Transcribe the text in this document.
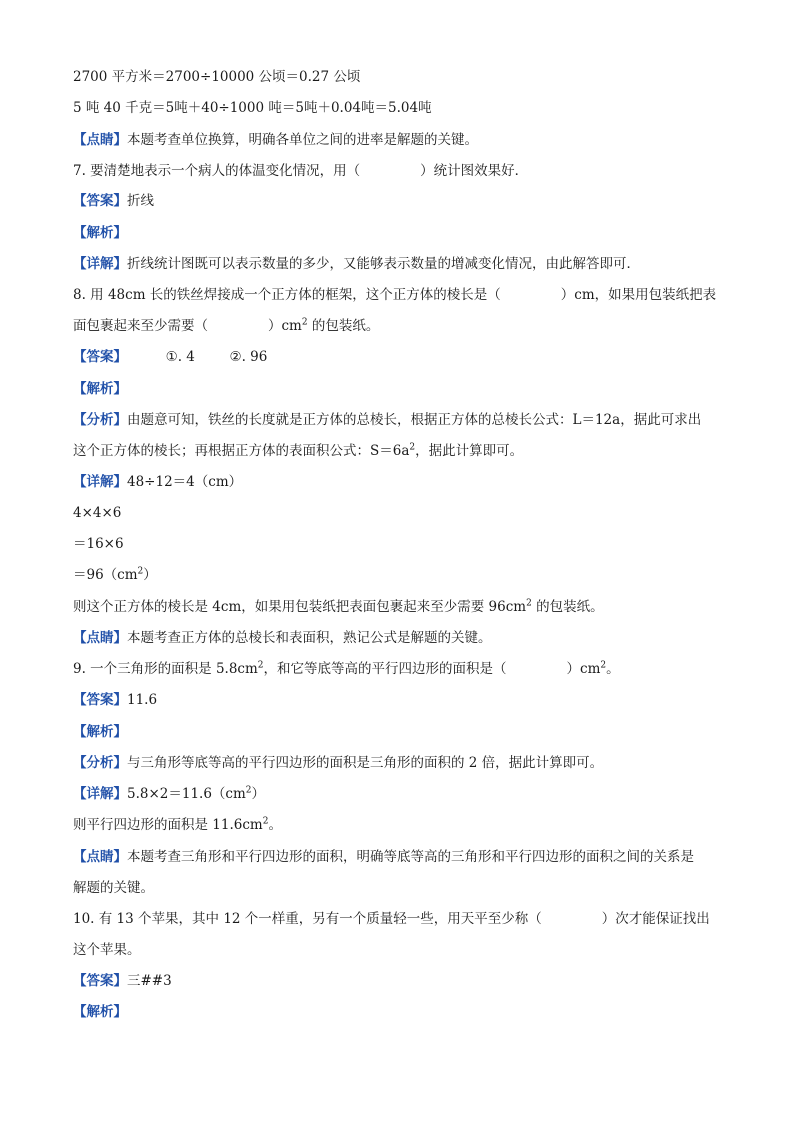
2700 平方米＝2700÷10000 公顷＝0.27 公顷
5 吨 40 千克＝5吨＋40÷1000 吨＝5吨＋0.04吨＝5.04吨
【点睛】本题考查单位换算，明确各单位之间的进率是解题的关键。
7. 要清楚地表示一个病人的体温变化情况，用（	）统计图效果好．
【答案】折线
【解析】
【详解】折线统计图既可以表示数量的多少，又能够表示数量的增减变化情况，由此解答即可．
8. 用 48cm 长的铁丝焊接成一个正方体的框架，这个正方体的棱长是（	）cm，如果用包装纸把表
面包裹起来至少需要（	）$cm^2$ 的包装纸。
【答案】	①. 4	②. 96
【解析】
【分析】由题意可知，铁丝的长度就是正方体的总棱长，根据正方体的总棱长公式：L＝12a，据此可求出
这个正方体的棱长；再根据正方体的表面积公式：$S=6a^2$，据此计算即可。
【详解】48÷12＝4（cm）
4×4×6
＝16×6
$=96(cm^2)$
则这个正方体的棱长是 4cm，如果用包装纸把表面包裹起来至少需要 $96cm^2$ 的包装纸。
【点睛】本题考查正方体的总棱长和表面积，熟记公式是解题的关键。
9. 一个三角形的面积是 $5.8cm^2$，和它等底等高的平行四边形的面积是（	）$cm^2$。
【答案】11.6
【解析】
【分析】与三角形等底等高的平行四边形的面积是三角形的面积的 2 倍，据此计算即可。
【详解】$5.8\times 2=11.6(cm^2)$
则平行四边形的面积是 $11.6cm^2$。
【点睛】本题考查三角形和平行四边形的面积，明确等底等高的三角形和平行四边形的面积之间的关系是
解题的关键。
10. 有 13 个苹果，其中 12 个一样重，另有一个质量轻一些，用天平至少称（	）次才能保证找出
这个苹果。
【答案】三##3
【解析】
